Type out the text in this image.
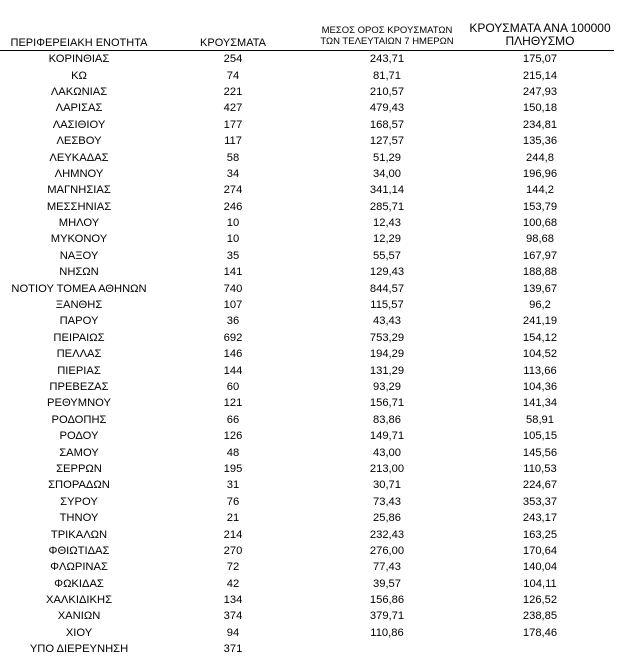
ΠΕΡΙΦΕΡΕΙΑΚΗ ΕΝΟΤΗΤΑ	ΚΡΟΥΣΜΑΤΑ
ΜΕΣΟΣ ΟΡΟΣ ΚΡΟΥΣΜΑΤΩΝ
ΤΩΝ ΤΕΛΕΥΤΑΙΩΝ 7 ΗΜΕΡΩΝ
ΚΡΟΥΣΜΑΤΑ ΑΝΑ 100000
ΠΛΗΘΥΣΜΟ
ΚΟΡΙΝΘΙΑΣ	254	243,71	175,07
ΚΩ	74	81,71	215,14
ΛΑΚΩΝΙΑΣ	221	210,57	247,93
ΛΑΡΙΣΑΣ	427	479,43	150,18
ΛΑΣΙΘΙΟΥ	177	168,57	234,81
ΛΕΣΒΟΥ	117	127,57	135,36
ΛΕΥΚΑΔΑΣ	58	51,29	244,8
ΛΗΜΝΟΥ	34	34,00	196,96
ΜΑΓΝΗΣΙΑΣ	274	341,14	144,2
ΜΕΣΣΗΝΙΑΣ	246	285,71	153,79
ΜΗΛΟΥ	10	12,43	100,68
ΜΥΚΟΝΟΥ	10	12,29	98,68
ΝΑΞΟΥ	35	55,57	167,97
ΝΗΣΩΝ	141	129,43	188,88
ΝΟΤΙΟΥ ΤΟΜΕΑ ΑΘΗΝΩΝ	740	844,57	139,67
ΞΑΝΘΗΣ	107	115,57	96,2
ΠΑΡΟΥ	36	43,43	241,19
ΠΕΙΡΑΙΩΣ	692	753,29	154,12
ΠΕΛΛΑΣ	146	194,29	104,52
ΠΙΕΡΙΑΣ	144	131,29	113,66
ΠΡΕΒΕΖΑΣ	60	93,29	104,36
ΡΕΘΥΜΝΟΥ	121	156,71	141,34
ΡΟΔΟΠΗΣ	66	83,86	58,91
ΡΟΔΟΥ	126	149,71	105,15
ΣΑΜΟΥ	48	43,00	145,56
ΣΕΡΡΩΝ	195	213,00	110,53
ΣΠΟΡΑΔΩΝ	31	30,71	224,67
ΣΥΡΟΥ	76	73,43	353,37
ΤΗΝΟΥ	21	25,86	243,17
ΤΡΙΚΑΛΩΝ	214	232,43	163,25
ΦΘΙΩΤΙΔΑΣ	270	276,00	170,64
ΦΛΩΡΙΝΑΣ	72	77,43	140,04
ΦΩΚΙΔΑΣ	42	39,57	104,11
ΧΑΛΚΙΔΙΚΗΣ	134	156,86	126,52
ΧΑΝΙΩΝ	374	379,71	238,85
ΧΙΟΥ	94	110,86	178,46
ΥΠΟ ΔΙΕΡΕΥΝΗΣΗ	371		
